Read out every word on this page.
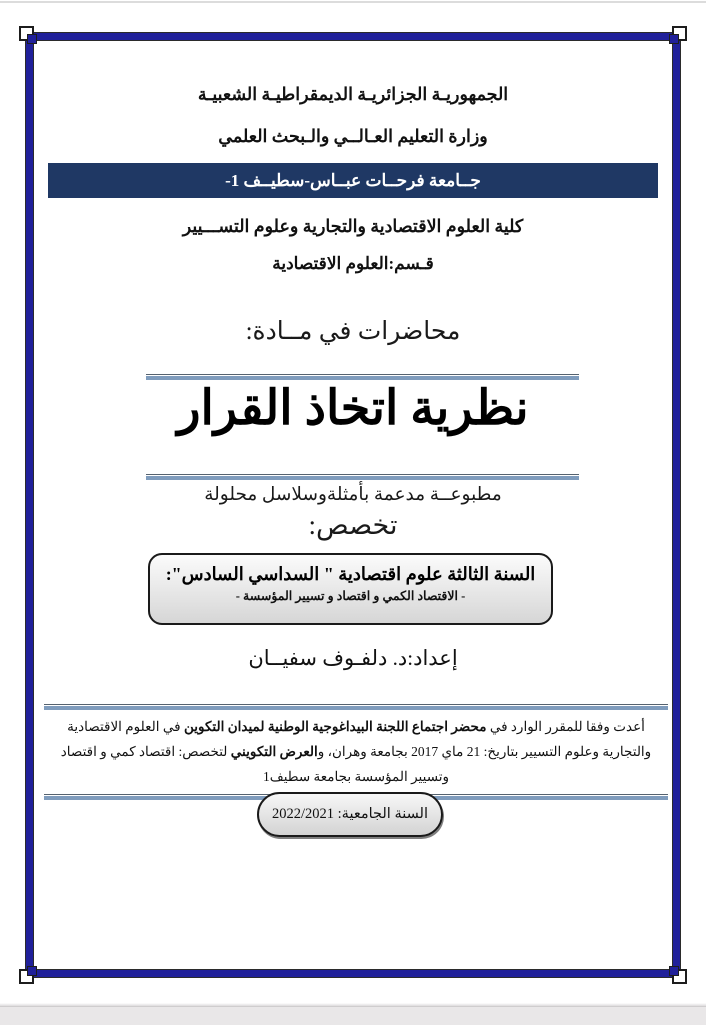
الجمهوريـة الجزائريـة الديمقراطيـة الشعبيـة
وزارة التعليم العـالــي والـبحث العلمي
جــامعة فرحــات عبــاس-سطيــف 1-
كلية العلوم الاقتصادية والتجارية وعلوم التســـيير
قـسم:العلوم الاقتصادية
محاضرات في مــادة:
نظرية اتخاذ القرار
مطبوعــة مدعمة بأمثلةوسلاسل محلولة
تخصص:
السنة الثالثة علوم اقتصادية " السداسي السادس":
- الاقتصاد الكمي و اقتصاد و تسيير المؤسسة -
إعداد:د. دلفـوف سفيــان
أعدت وفقا للمقرر الوارد في محضر اجتماع اللجنة البيداغوجية الوطنية لميدان التكوين في العلوم الاقتصادية والتجارية وعلوم التسيير بتاريخ: 21 ماي 2017 بجامعة وهران، والعرض التكويني لتخصص: اقتصاد كمي و اقتصاد وتسيير المؤسسة بجامعة سطيف1
السنة الجامعية: 2022/2021
